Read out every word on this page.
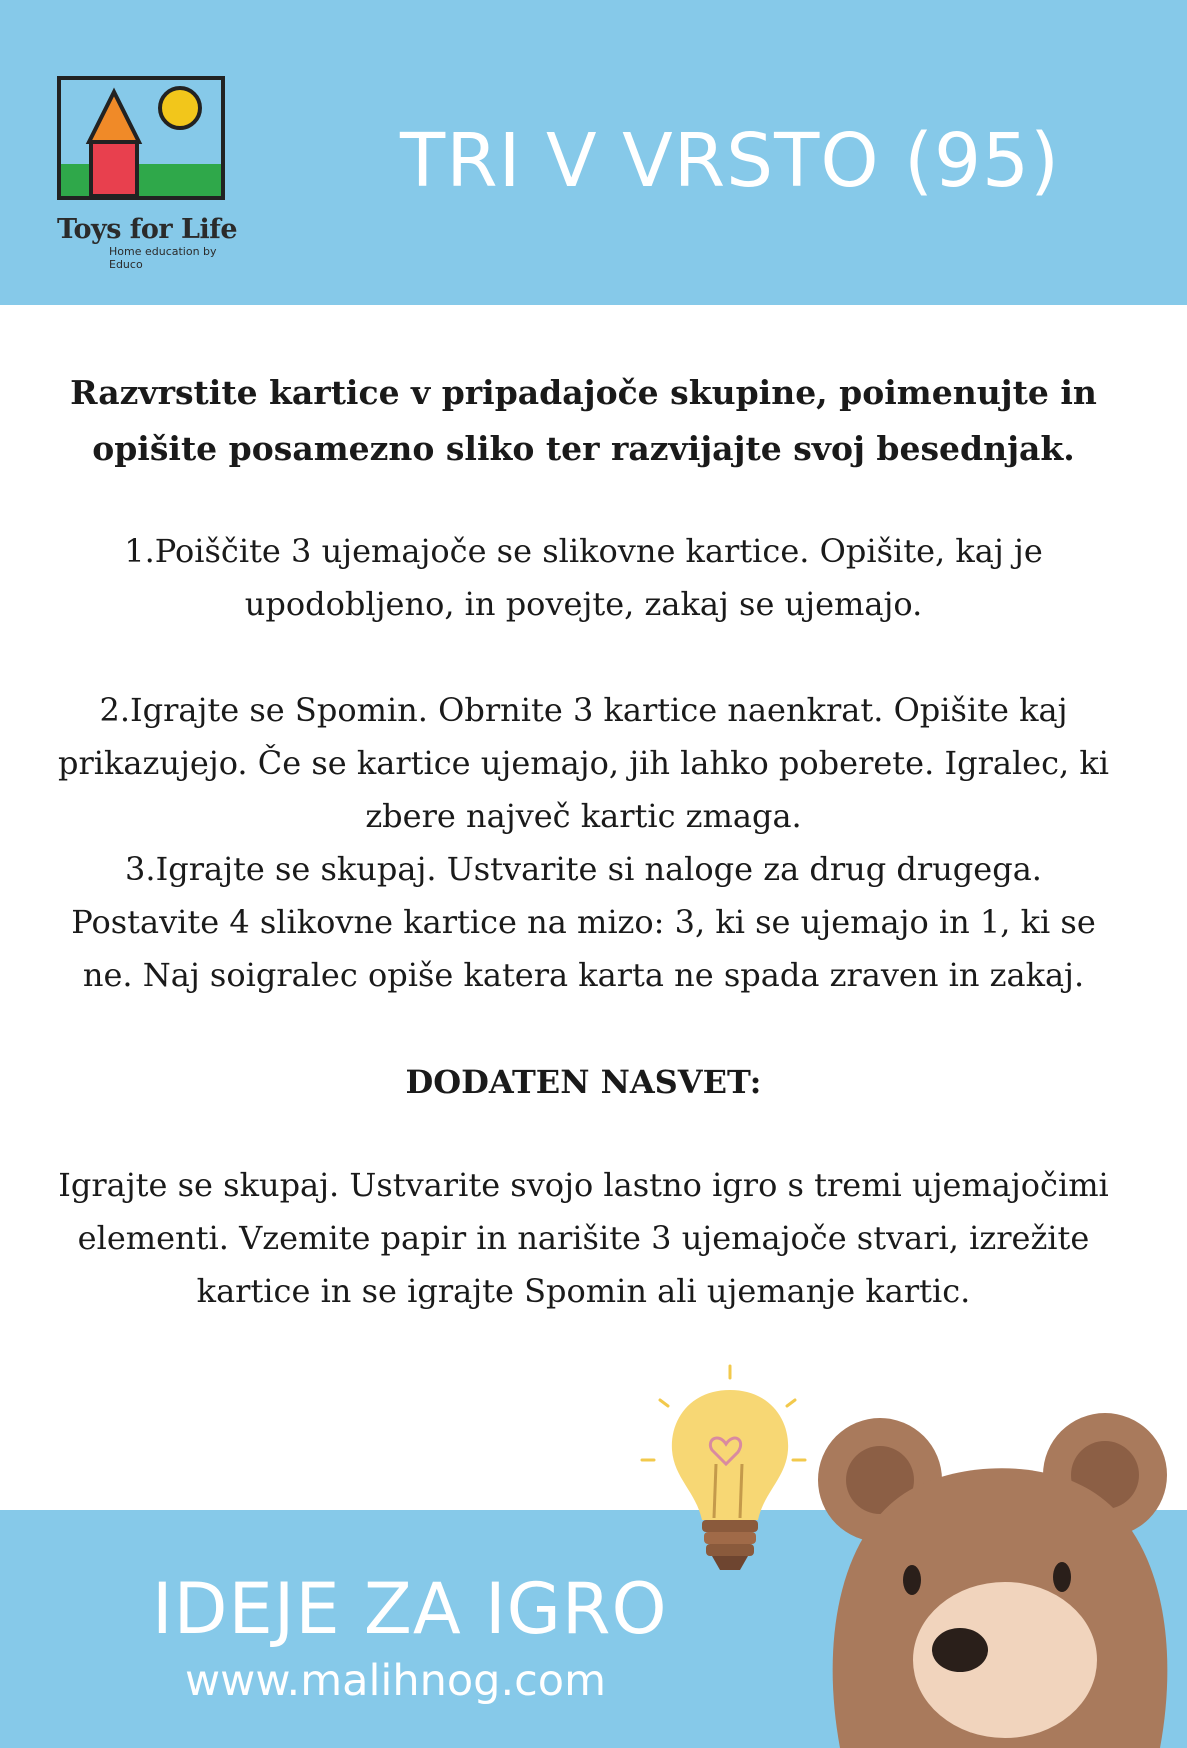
Toys for Life
Home education by Educo
TRI V VRSTO (95)

Razvrstite kartice v pripadajoče skupine, poimenujte in opišite posamezno sliko ter razvijajte svoj besednjak.

1.Poiščite 3 ujemajoče se slikovne kartice. Opišite, kaj je upodobljeno, in povejte, zakaj se ujemajo.

2.Igrajte se Spomin. Obrnite 3 kartice naenkrat. Opišite kaj prikazujejo. Če se kartice ujemajo, jih lahko poberete. Igralec, ki zbere največ kartic zmaga.

3.Igrajte se skupaj. Ustvarite si naloge za drug drugega. Postavite 4 slikovne kartice na mizo: 3, ki se ujemajo in 1, ki se ne. Naj soigralec opiše katera karta ne spada zraven in zakaj.

DODATEN NASVET:

Igrajte se skupaj. Ustvarite svojo lastno igro s tremi ujemajočimi elementi. Vzemite papir in narišite 3 ujemajoče stvari, izrežite kartice in se igrajte Spomin ali ujemanje kartic.

IDEJE ZA IGRO
www.malihnog.com
